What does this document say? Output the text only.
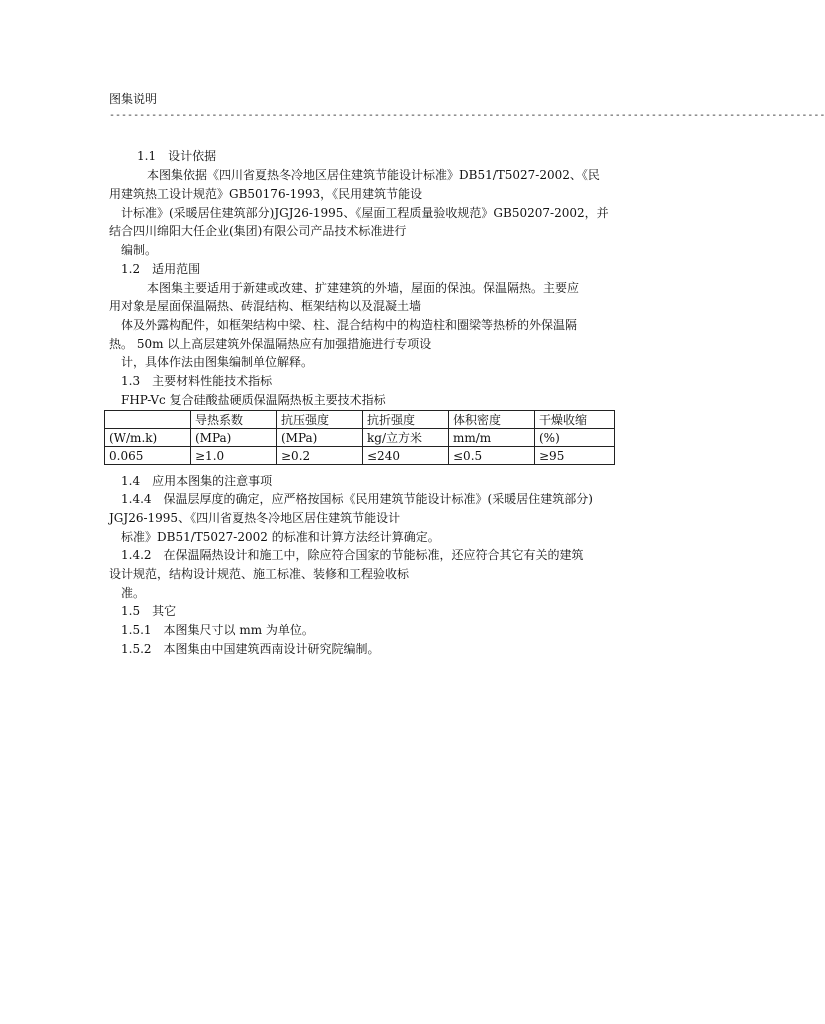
图集说明
-----------------------------------------------------------------------------------------------------------------------
1.1　设计依据
本图集依据《四川省夏热冬冷地区居住建筑节能设计标准》DB51/T5027-2002、《民
用建筑热工设计规范》GB50176-1993，《民用建筑节能设
计标准》(采暖居住建筑部分)JGJ26-1995、《屋面工程质量验收规范》GB50207-2002，并
结合四川绵阳大任企业(集团)有限公司产品技术标准进行
编制。
1.2　适用范围
本图集主要适用于新建或改建、扩建建筑的外墙，屋面的保浊。保温隔热。主要应
用对象是屋面保温隔热、砖混结构、框架结构以及混凝土墙
体及外露构配件，如框架结构中梁、柱、混合结构中的构造柱和圈梁等热桥的外保温隔
热。 50m 以上高层建筑外保温隔热应有加强措施进行专项设
计，具体作法由图集编制单位解释。
1.3　主要材料性能技术指标
FHP-Vc 复合硅酸盐硬质保温隔热板主要技术指标
	导热系数	抗压强度	抗折强度	体积密度	干燥收缩
(W/m.k)	(MPa)	(MPa)	kg/立方米	mm/m	(%)
0.065	≥1.0	≥0.2	≤240	≤0.5	≥95
1.4　应用本图集的注意事项
1.4.4　保温层厚度的确定，应严格按国标《民用建筑节能设计标准》(采暖居住建筑部分)
JGJ26-1995、《四川省夏热冬冷地区居住建筑节能设计
标准》DB51/T5027-2002 的标准和计算方法经计算确定。
1.4.2　在保温隔热设计和施工中，除应符合国家的节能标准，还应符合其它有关的建筑
设计规范，结构设计规范、施工标准、装修和工程验收标
准。
1.5　其它
1.5.1　本图集尺寸以 mm 为单位。
1.5.2　本图集由中国建筑西南设计研究院编制。
